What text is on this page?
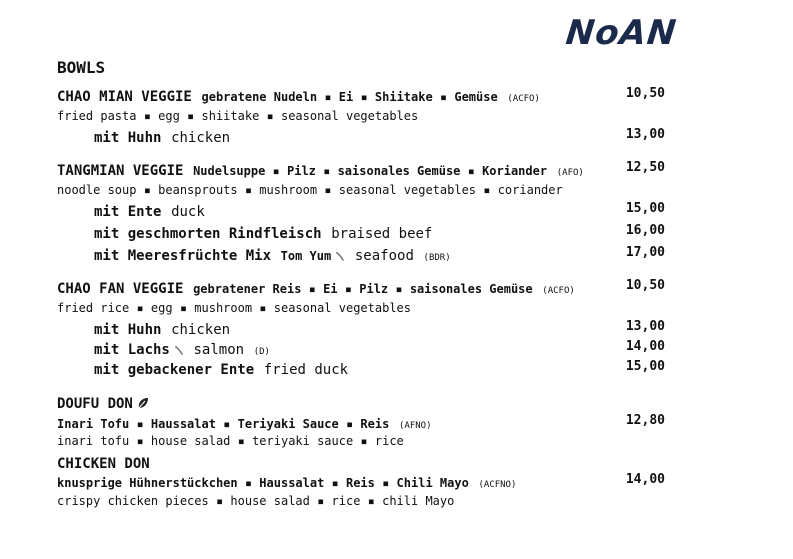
NoAN
BOWLS
CHAO MIAN VEGGIE gebratene Nudeln ▪ Ei ▪ Shiitake ▪ Gemüse (ACFO)	10,50
fried pasta ▪ egg ▪ shiitake ▪ seasonal vegetables
mit Huhn chicken	13,00
TANGMIAN VEGGIE Nudelsuppe ▪ Pilz ▪ saisonales Gemüse ▪ Koriander (AFO)	12,50
noodle soup ▪ beansprouts ▪ mushroom ▪ seasonal vegetables ▪ coriander
mit Ente duck	15,00
mit geschmorten Rindfleisch braised beef	16,00
mit Meeresfrüchte Mix Tom Yum seafood (BDR)	17,00
CHAO FAN VEGGIE gebratener Reis ▪ Ei ▪ Pilz ▪ saisonales Gemüse (ACFO)	10,50
fried rice ▪ egg ▪ mushroom ▪ seasonal vegetables
mit Huhn chicken	13,00
mit Lachs salmon (D)	14,00
mit gebackener Ente fried duck	15,00
DOUFU DON
Inari Tofu ▪ Haussalat ▪ Teriyaki Sauce ▪ Reis (AFNO)	12,80
inari tofu ▪ house salad ▪ teriyaki sauce ▪ rice
CHICKEN DON
knusprige Hühnerstückchen ▪ Haussalat ▪ Reis ▪ Chili Mayo (ACFNO)	14,00
crispy chicken pieces ▪ house salad ▪ rice ▪ chili Mayo
